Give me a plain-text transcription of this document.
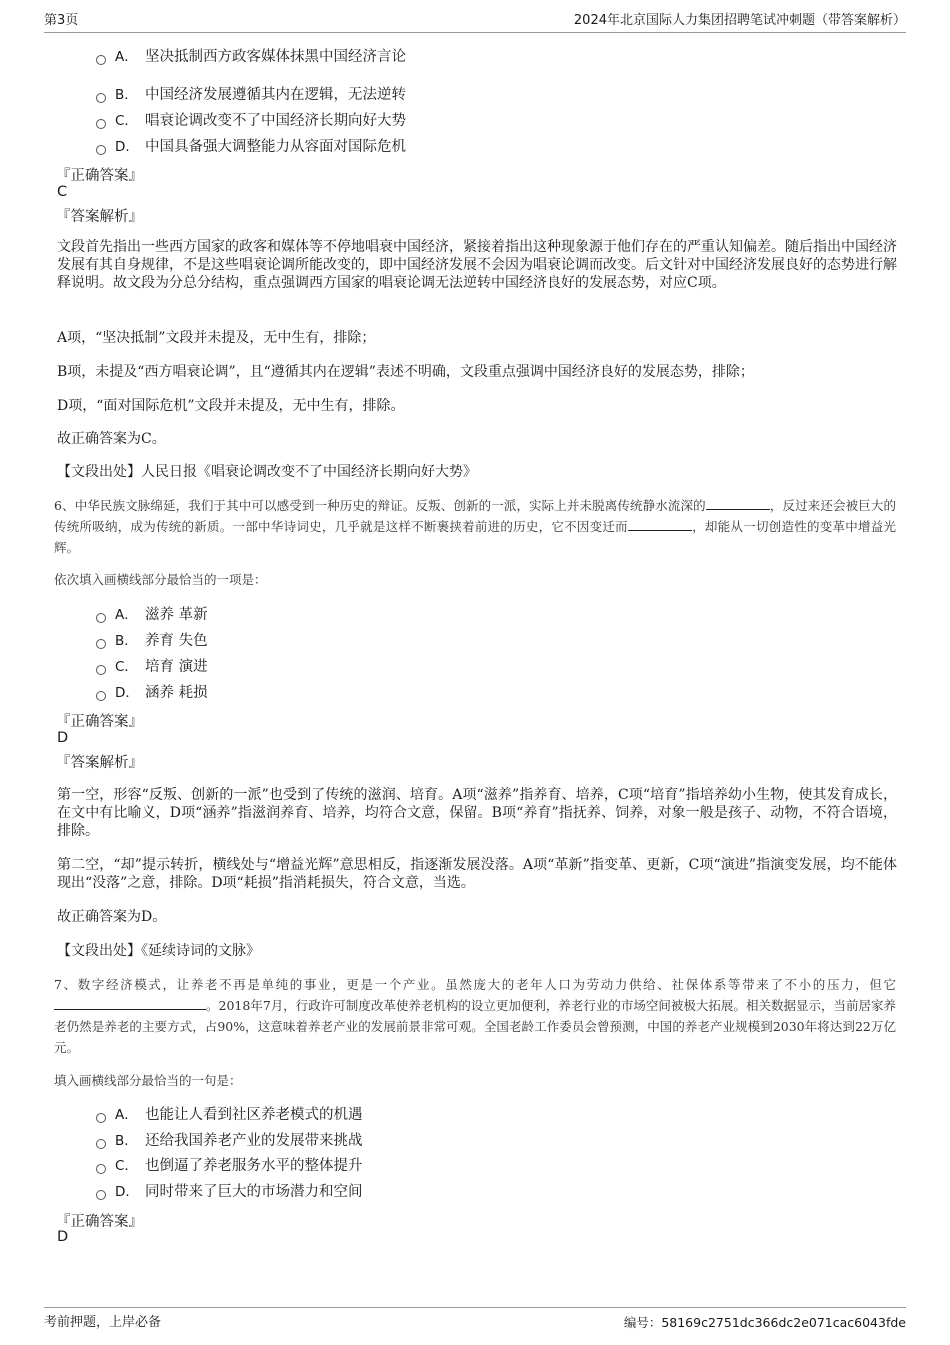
第3页	2024年北京国际人力集团招聘笔试冲刺题（带答案解析）
A． 坚决抵制西方政客媒体抹黑中国经济言论
B． 中国经济发展遵循其内在逻辑，无法逆转
C． 唱衰论调改变不了中国经济长期向好大势
D． 中国具备强大调整能力从容面对国际危机
『正确答案』
C
『答案解析』
文段首先指出一些西方国家的政客和媒体等不停地唱衰中国经济，紧接着指出这种现象源于他们存在的严重认知偏差。随后指出中国经济发展有其自身规律，不是这些唱衰论调所能改变的，即中国经济发展不会因为唱衰论调而改变。后文针对中国经济发展良好的态势进行解释说明。故文段为分总分结构，重点强调西方国家的唱衰论调无法逆转中国经济良好的发展态势，对应C项。
A项，“坚决抵制”文段并未提及，无中生有，排除；
B项，未提及“西方唱衰论调”，且“遵循其内在逻辑”表述不明确，文段重点强调中国经济良好的发展态势，排除；
D项，“面对国际危机”文段并未提及，无中生有，排除。
故正确答案为C。
【文段出处】人民日报《唱衰论调改变不了中国经济长期向好大势》
6、中华民族文脉绵延，我们于其中可以感受到一种历史的辩证。反叛、创新的一派，实际上并未脱离传统静水流深的	，反过来还会被巨大的传统所吸纳，成为传统的新质。一部中华诗词史，几乎就是这样不断裹挟着前进的历史，它不因变迁而	，却能从一切创造性的变革中增益光辉。
依次填入画横线部分最恰当的一项是：
A． 滋养 革新
B． 养育 失色
C． 培育 演进
D． 涵养 耗损
『正确答案』
D
『答案解析』
第一空，形容“反叛、创新的一派”也受到了传统的滋润、培育。A项“滋养”指养育、培养，C项“培育”指培养幼小生物，使其发育成长，在文中有比喻义，D项“涵养”指滋润养育、培养，均符合文意，保留。B项“养育”指抚养、饲养，对象一般是孩子、动物，不符合语境，排除。
第二空，“却”提示转折，横线处与“增益光辉”意思相反，指逐渐发展没落。A项“革新”指变革、更新，C项“演进”指演变发展，均不能体现出“没落”之意，排除。D项“耗损”指消耗损失，符合文意，当选。
故正确答案为D。
【文段出处】《延续诗词的文脉》
7、数字经济模式，让养老不再是单纯的事业，更是一个产业。虽然庞大的老年人口为劳动力供给、社保体系等带来了不小的压力，但它。2018年7月，行政许可制度改革使养老机构的设立更加便利，养老行业的市场空间被极大拓展。相关数据显示，当前居家养老仍然是养老的主要方式，占90%，这意味着养老产业的发展前景非常可观。全国老龄工作委员会曾预测，中国的养老产业规模到2030年将达到22万亿元。
填入画横线部分最恰当的一句是：
A． 也能让人看到社区养老模式的机遇
B． 还给我国养老产业的发展带来挑战
C． 也倒逼了养老服务水平的整体提升
D． 同时带来了巨大的市场潜力和空间
『正确答案』
D
考前押题，上岸必备	编号：58169c2751dc366dc2e071cac6043fde
